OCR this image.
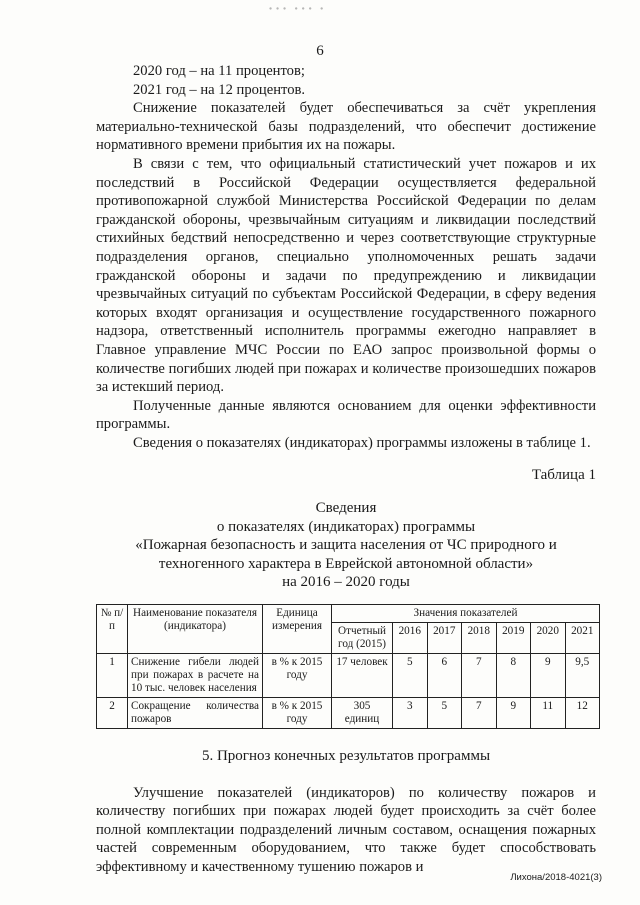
∙∙∙ ∙∙∙ ∙
6

2020 год – на 11 процентов;

2021 год – на 12 процентов.

Снижение показателей будет обеспечиваться за счёт укрепления материально-технической базы подразделений, что обеспечит достижение нормативного времени прибытия их на пожары.

В связи с тем, что официальный статистический учет пожаров и их последствий в Российской Федерации осуществляется федеральной противопожарной службой Министерства Российской Федерации по делам гражданской обороны, чрезвычайным ситуациям и ликвидации последствий стихийных бедствий непосредственно и через соответствующие структурные подразделения органов, специально уполномоченных решать задачи гражданской обороны и задачи по предупреждению и ликвидации чрезвычайных ситуаций по субъектам Российской Федерации, в сферу ведения которых входят организация и осуществление государственного пожарного надзора, ответственный исполнитель программы ежегодно направляет в Главное управление МЧС России по ЕАО запрос произвольной формы о количестве погибших людей при пожарах и количестве произошедших пожаров за истекший период.

Полученные данные являются основанием для оценки эффективности программы.

Сведения о показателях (индикаторах) программы изложены в таблице 1.

Таблица 1

Сведения

о показателях (индикаторах) программы

«Пожарная безопасность и защита населения от ЧС природного и

техногенного характера в Еврейской автономной области»

на 2016 – 2020 годы

№ п/п	Наименование показателя (индикатора)	Единица измерения	Значения показателей						
			Отчетный год (2015)	2016	2017	2018	2019	2020	2021
1	Снижение гибели людей при пожарах в расчете на 10 тыс. человек населения	в % к 2015 году	17 человек	5	6	7	8	9	9,5
2	Сокращение количества пожаров	в % к 2015 году	305 единиц	3	5	7	9	11	12

5. Прогноз конечных результатов программы

Улучшение показателей (индикаторов) по количеству пожаров и количеству погибших при пожарах людей будет происходить за счёт более полной комплектации подразделений личным составом, оснащения пожарных частей современным оборудованием, что также будет способствовать эффективному и качественному тушению пожаров и

Лихона/2018-4021(3)
